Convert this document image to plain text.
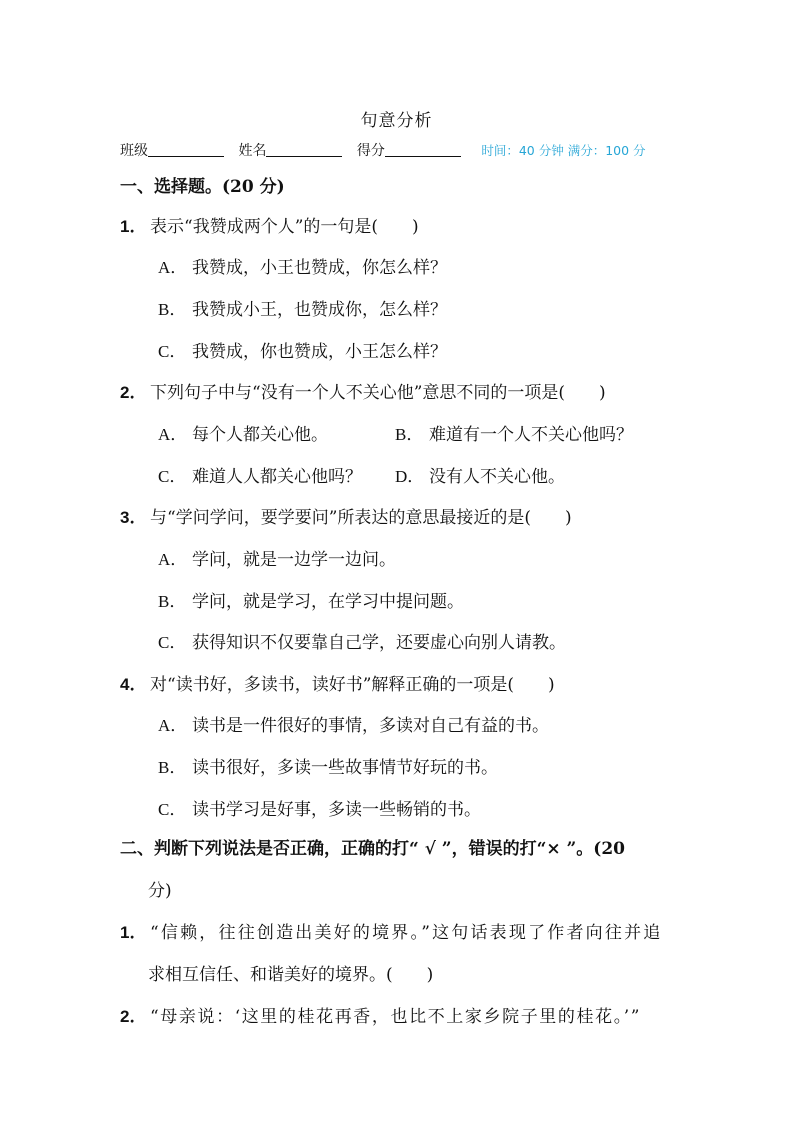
句意分析
班级	姓名	得分	时间：40 分钟 满分：100 分
一、选择题。(20 分)
1． 表示“我赞成两个人”的一句是(　　)
A． 我赞成，小王也赞成，你怎么样？
B． 我赞成小王，也赞成你，怎么样？
C． 我赞成，你也赞成，小王怎么样？
2． 下列句子中与“没有一个人不关心他”意思不同的一项是(　　)
A． 每个人都关心他。	B． 难道有一个人不关心他吗？
C． 难道人人都关心他吗？ D． 没有人不关心他。
3． 与“学问学问，要学要问”所表达的意思最接近的是(　　)
A． 学问，就是一边学一边问。
B． 学问，就是学习，在学习中提问题。
C． 获得知识不仅要靠自己学，还要虚心向别人请教。
4． 对“读书好，多读书，读好书”解释正确的一项是(　　)
A． 读书是一件很好的事情，多读对自己有益的书。
B． 读书很好，多读一些故事情节好玩的书。
C． 读书学习是好事，多读一些畅销的书。
二、判断下列说法是否正确，正确的打“ √ ”，错误的打“× ”。(20
分)
1． “信赖，往往创造出美好的境界。”这句话表现了作者向往并追
求相互信任、和谐美好的境界。(　　)
2． “母亲说：‘这里的桂花再香，也比不上家乡院子里的桂花。’”
